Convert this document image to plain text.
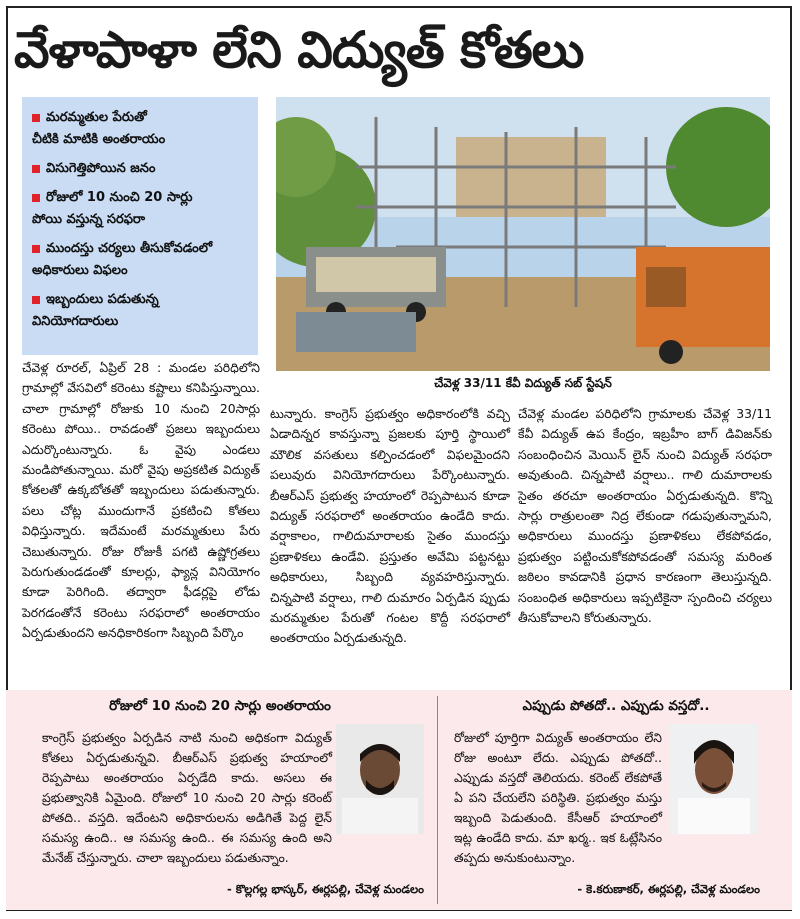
వేళాపాళా లేని విద్యుత్ కోతలు
మరమ్మతుల పేరుతో
చీటికి మాటికి అంతరాయం
విసుగెత్తిపోయిన జనం
రోజులో 10 నుంచి 20 సార్లు
పోయి వస్తున్న సరఫరా
ముందస్తు చర్యలు తీసుకోవడంలో
అధికారులు విఫలం
ఇబ్బందులు పడుతున్న
వినియోగదారులు
చేవెళ్ల 33/11 కేవీ విద్యుత్ సబ్ స్టేషన్

చేవెళ్ల రూరల్, ఏప్రిల్ 28 : మండల పరిధిలోని గ్రామాల్లో వేసవిలో కరెంటు కష్టాలు కనిపిస్తున్నాయి. చాలా గ్రామాల్లో రోజుకు 10 నుంచి 20సార్లు కరెంటు పోయి.. రావడంతో ప్రజలు ఇబ్బందులు ఎదుర్కొంటున్నారు. ఓ వైపు ఎండలు మండిపోతున్నాయి. మరో వైపు అప్రకటిత విద్యుత్ కోతలతో ఉక్కబోతతో ఇబ్బందులు పడుతున్నారు. పలు చోట్ల ముందుగానే ప్రకటించి కోతలు విధిస్తున్నారు. ఇదేమంటే మరమ్మతులు పేరు చెబుతున్నారు. రోజు రోజుకీ పగటి ఉష్ణోగ్రతలు పెరుగుతుండడంతో కూలర్లు, ఫ్యాన్ల వినియోగం కూడా పెరిగింది. తద్వారా ఫీడర్లపై లోడు పెరగడంతోనే కరెంటు సరఫరాలో అంతరాయం ఏర్పడుతుందని అనధికారికంగా సిబ్బంది పేర్కొం

టున్నారు. కాంగ్రెస్ ప్రభుత్వం అధికారంలోకి వచ్చి ఏడాదిన్నర కావస్తున్నా ప్రజలకు పూర్తి స్థాయిలో మౌలిక వసతులు కల్పించడంలో విఫలమైందని పలువురు వినియోగదారులు పేర్కొంటున్నారు. బీఆర్ఎస్ ప్రభుత్వ హయాంలో రెప్పపాటున కూడా విద్యుత్ సరఫరాలో అంతరాయం ఉండేది కాదు. వర్షాకాలం, గాలిదుమారాలకు సైతం ముందస్తు ప్రణాళికలు ఉండేవి. ప్రస్తుతం అవేమి పట్టనట్టు అధికారులు, సిబ్బంది వ్యవహరిస్తున్నారు. చిన్నపాటి వర్షాలు, గాలి దుమారం ఏర్పడిన ప్పుడు మరమ్మతుల పేరుతో గంటల కొద్దీ సరఫరాలో అంతరాయం ఏర్పడుతున్నది.

చేవెళ్ల మండల పరిధిలోని గ్రామాలకు చేవెళ్ల 33/11 కేవీ విద్యుత్ ఉప కేంద్రం, ఇబ్రహీం బాగ్ డివిజన్‌కు సంబంధించిన మెయిన్ లైన్ నుంచి విద్యుత్ సరఫరా అవుతుంది. చిన్నపాటి వర్షాలు.. గాలి దుమారాలకు సైతం తరచూ అంతరాయం ఏర్పడుతున్నది. కొన్ని సార్లు రాత్రులంతా నిద్ర లేకుండా గడుపుతున్నామని, అధికారులు ముందస్తు ప్రణాళికలు లేకపోవడం, ప్రభుత్వం పట్టించుకోకపోవడంతో సమస్య మరింత జఠిలం కావడానికి ప్రధాన కారణంగా తెలుస్తున్నది. సంబంధిత అధికారులు ఇప్పటికైనా స్పందించి చర్యలు తీసుకోవాలని కోరుతున్నారు.

రోజులో 10 నుంచి 20 సార్లు అంతరాయం
కాంగ్రెస్ ప్రభుత్వం ఏర్పడిన నాటి నుంచి అధికంగా విద్యుత్ కోతలు ఏర్పడుతున్నవి. బీఆర్ఎస్ ప్రభుత్వ హయాంలో రెప్పపాటు అంతరాయం ఏర్పడేది కాదు. అసలు ఈ ప్రభుత్వానికి ఏమైంది. రోజులో 10 నుంచి 20 సార్లు కరెంట్ పోతది.. వస్తది. ఇదేంటని అధికారులను అడిగితే పెద్ద లైన్ సమస్య ఉంది.. ఆ సమస్య ఉంది.. ఈ సమస్య ఉంది అని మేనేజ్ చేస్తున్నారు. చాలా ఇబ్బందులు పడుతున్నాం.
- కొల్లగల్ల భాస్కర్, ఈర్లపల్లి, చేవెళ్ల మండలం
ఎప్పుడు పోతదో.. ఎప్పుడు వస్తదో..
రోజులో పూర్తిగా విద్యుత్ అంతరాయం లేని రోజు అంటూ లేదు. ఎప్పుడు పోతదో.. ఎప్పుడు వస్తదో తెలియదు. కరెంట్ లేకపోతే ఏ పని చేయలేని పరిస్థితి. ప్రభుత్వం మస్తు ఇబ్బంది పెడుతుంది. కేసీఆర్ హయాంలో ఇట్ల ఉండేది కాదు. మా ఖర్మ.. ఇక ఓట్లేసినం తప్పదు అనుకుంటున్నాం.
- కె.కరుణాకర్, ఈర్లపల్లి, చేవెళ్ల మండలం
